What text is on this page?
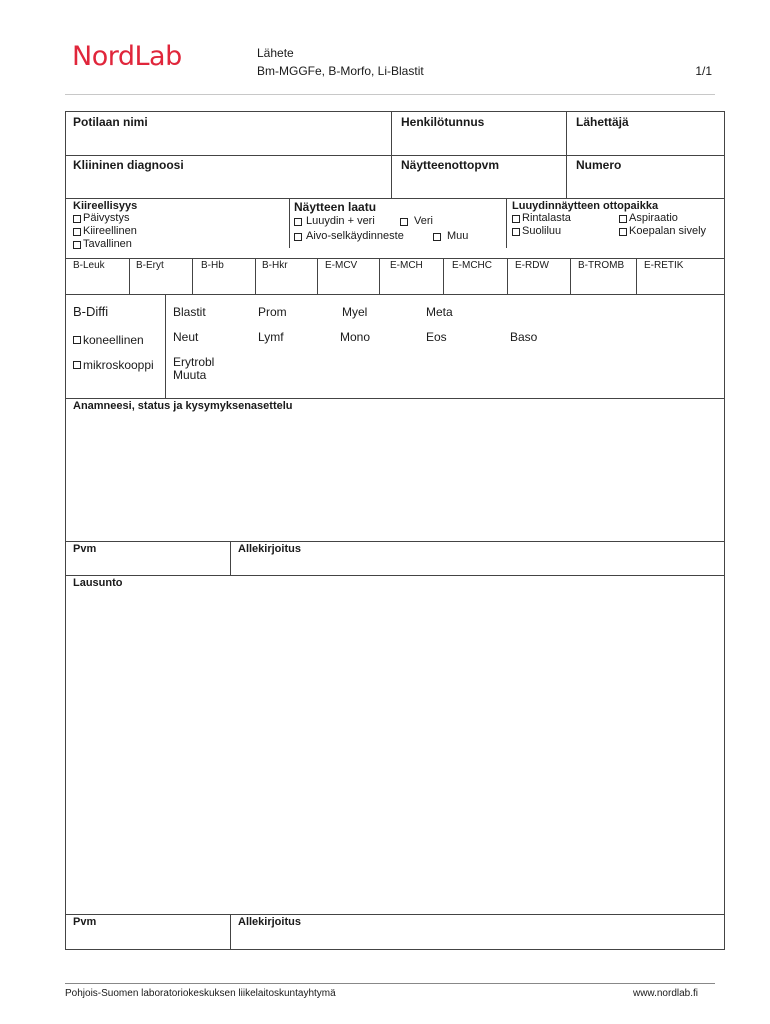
NordLab	Lähete
Bm-MGGFe, B-Morfo, Li-Blastit	1/1
Potilaan nimi	Henkilötunnus	Lähettäjä
Kliininen diagnoosi	Näytteenottopvm	Numero
Kiireellisyys
Päivystys
Kiireellinen
Tavallinen
Näytteen laatu
Luuydin + veri	Veri
Aivo-selkäydinneste	Muu
Luuydinnäytteen ottopaikka
Rintalasta	Aspiraatio
Suoliluu	Koepalan sively
B-Leuk	B-Eryt	B-Hb	B-Hkr	E-MCV	E-MCH	E-MCHC	E-RDW	B-TROMB	E-RETIK
B-Diffi
koneellinen
mikroskooppi
Blastit	Prom	Myel	Meta
Neut	Lymf	Mono	Eos	Baso
Erytrobl
Muuta
Anamneesi, status ja kysymyksenasettelu
Pvm	Allekirjoitus
Lausunto
Pvm	Allekirjoitus
Pohjois-Suomen laboratoriokeskuksen liikelaitoskuntayhtymä	www.nordlab.fi
